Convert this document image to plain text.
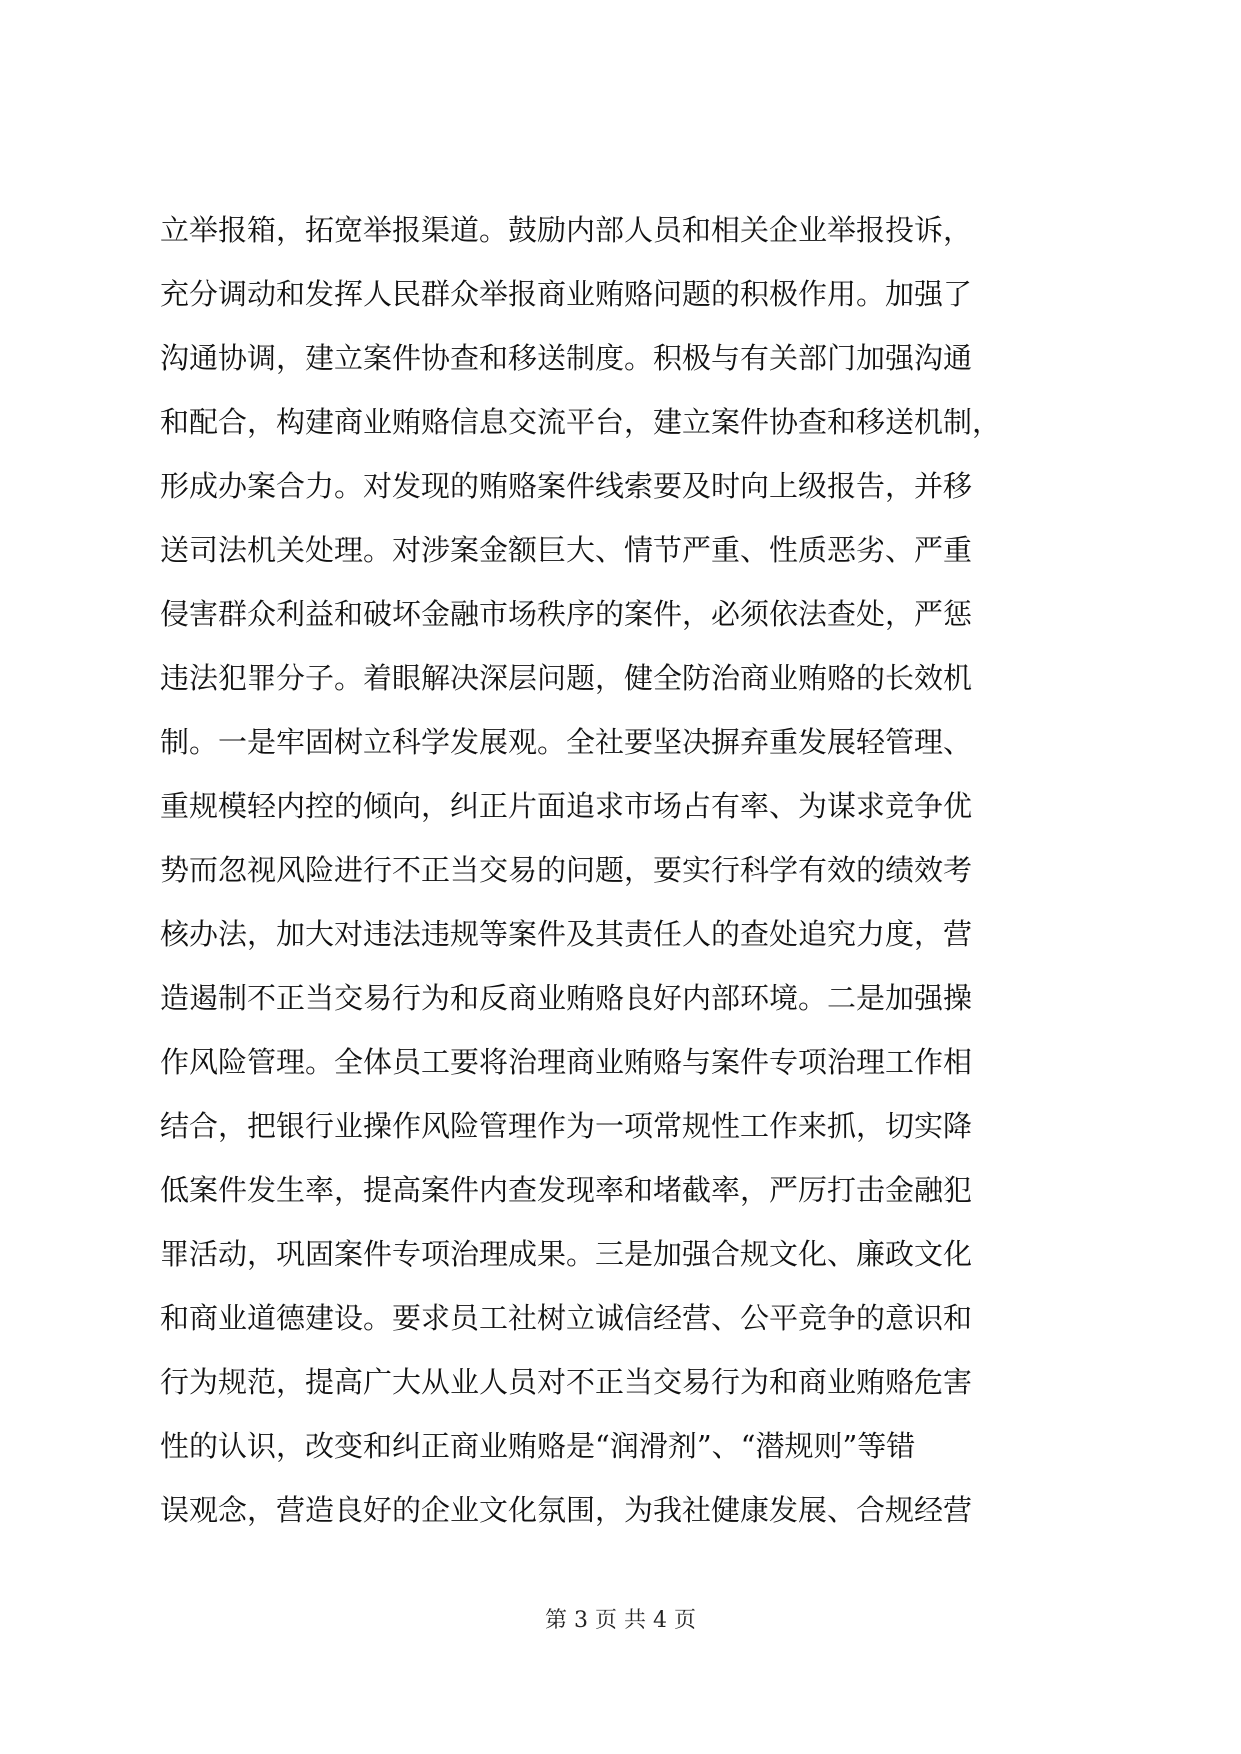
立举报箱，拓宽举报渠道。鼓励内部人员和相关企业举报投诉，
充分调动和发挥人民群众举报商业贿赂问题的积极作用。加强了
沟通协调，建立案件协查和移送制度。积极与有关部门加强沟通
和配合，构建商业贿赂信息交流平台，建立案件协查和移送机制，
形成办案合力。对发现的贿赂案件线索要及时向上级报告，并移
送司法机关处理。对涉案金额巨大、情节严重、性质恶劣、严重
侵害群众利益和破坏金融市场秩序的案件，必须依法查处，严惩
违法犯罪分子。着眼解决深层问题，健全防治商业贿赂的长效机
制。一是牢固树立科学发展观。全社要坚决摒弃重发展轻管理、
重规模轻内控的倾向，纠正片面追求市场占有率、为谋求竞争优
势而忽视风险进行不正当交易的问题，要实行科学有效的绩效考
核办法，加大对违法违规等案件及其责任人的查处追究力度，营
造遏制不正当交易行为和反商业贿赂良好内部环境。二是加强操
作风险管理。全体员工要将治理商业贿赂与案件专项治理工作相
结合，把银行业操作风险管理作为一项常规性工作来抓，切实降
低案件发生率，提高案件内查发现率和堵截率，严厉打击金融犯
罪活动，巩固案件专项治理成果。三是加强合规文化、廉政文化
和商业道德建设。要求员工社树立诚信经营、公平竞争的意识和
行为规范，提高广大从业人员对不正当交易行为和商业贿赂危害
性的认识，改变和纠正商业贿赂是“润滑剂”、“潜规则”等错
误观念，营造良好的企业文化氛围，为我社健康发展、合规经营
第 3 页 共 4 页
